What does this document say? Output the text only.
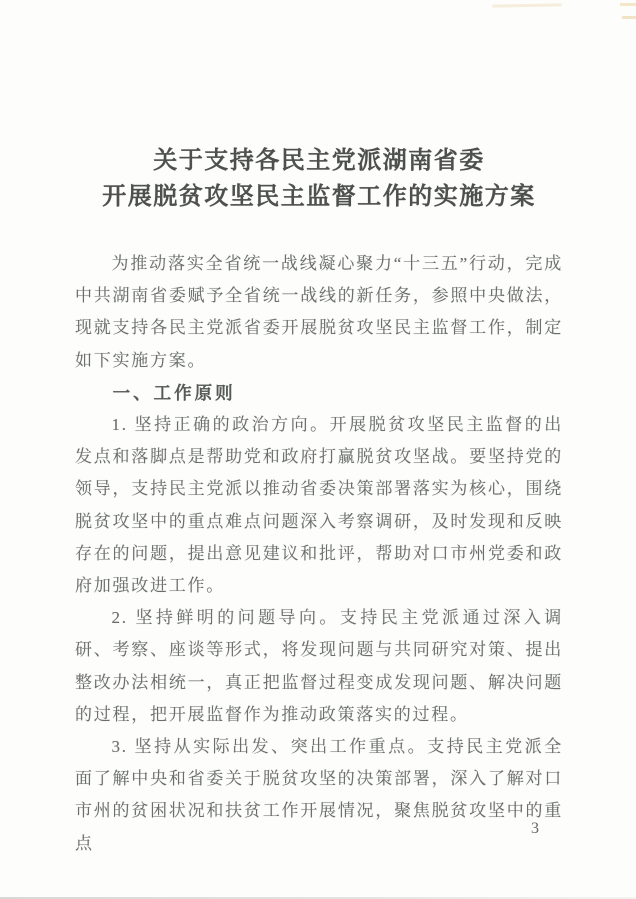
关于支持各民主党派湖南省委
开展脱贫攻坚民主监督工作的实施方案

为推动落实全省统一战线凝心聚力“十三五”行动，完成中共湖南省委赋予全省统一战线的新任务，参照中央做法，现就支持各民主党派省委开展脱贫攻坚民主监督工作，制定如下实施方案。

一、工作原则

1. 坚持正确的政治方向。开展脱贫攻坚民主监督的出发点和落脚点是帮助党和政府打赢脱贫攻坚战。要坚持党的领导，支持民主党派以推动省委决策部署落实为核心，围绕脱贫攻坚中的重点难点问题深入考察调研，及时发现和反映存在的问题，提出意见建议和批评，帮助对口市州党委和政府加强改进工作。

2. 坚持鲜明的问题导向。支持民主党派通过深入调研、考察、座谈等形式，将发现问题与共同研究对策、提出整改办法相统一，真正把监督过程变成发现问题、解决问题的过程，把开展监督作为推动政策落实的过程。

3. 坚持从实际出发、突出工作重点。支持民主党派全面了解中央和省委关于脱贫攻坚的决策部署，深入了解对口市州的贫困状况和扶贫工作开展情况，聚焦脱贫攻坚中的重点

3
